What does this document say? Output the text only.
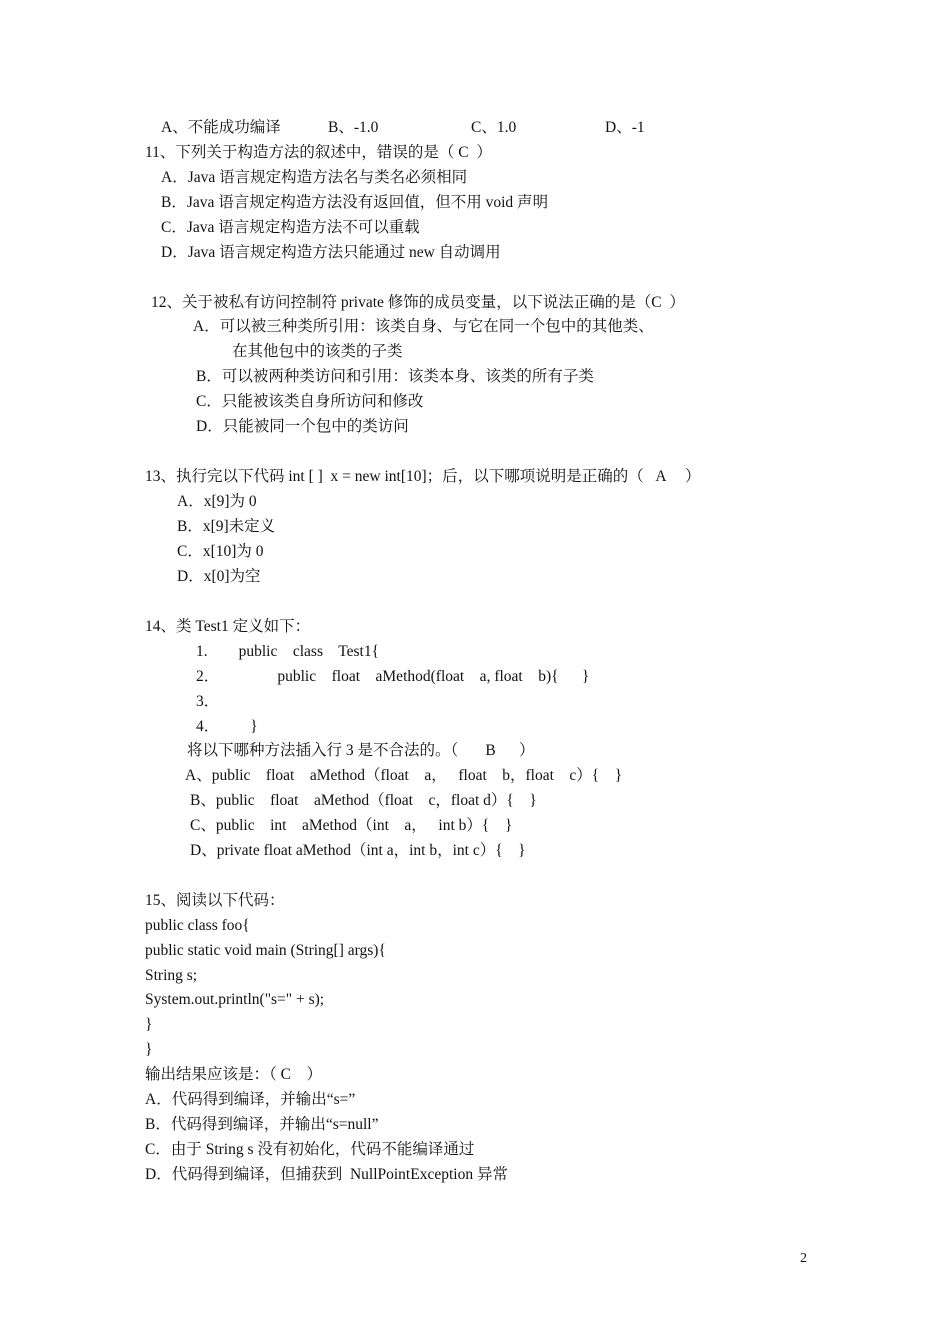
A、不能成功编译	B、-1.0	C、1.0	D、-1
11、下列关于构造方法的叙述中，错误的是（ C  ）
A．Java 语言规定构造方法名与类名必须相同
B．Java 语言规定构造方法没有返回值，但不用 void 声明
C．Java 语言规定构造方法不可以重载
D．Java 语言规定构造方法只能通过 new 自动调用
12、关于被私有访问控制符 private 修饰的成员变量，以下说法正确的是（C  ）
A．可以被三种类所引用：该类自身、与它在同一个包中的其他类、
在其他包中的该类的子类
B．可以被两种类访问和引用：该类本身、该类的所有子类
C．只能被该类自身所访问和修改
D．只能被同一个包中的类访问
13、执行完以下代码 int [ ]  x = new int[10]；后，以下哪项说明是正确的（   A     ）
A．x[9]为 0
B．x[9]未定义
C．x[10]为 0
D．x[0]为空
14、类 Test1 定义如下：
1.        public    class    Test1{
2．               public    float    aMethod(float    a, float    b){      }
3．
4．        }
将以下哪种方法插入行 3 是不合法的。（       B      ）
A、public    float    aMethod（float    a，   float    b，float    c）{    }
B、public    float    aMethod（float    c，float d）{    }
C、public    int    aMethod（int    a，   int b）{    }
D、private float aMethod（int a，int b，int c）{    }
15、阅读以下代码：
public class foo{
public static void main (String[] args){
String s;
System.out.println("s=" + s);
}
}
输出结果应该是：（ C    ）
A．代码得到编译，并输出“s=”
B．代码得到编译，并输出“s=null”
C．由于 String s 没有初始化，代码不能编译通过
D．代码得到编译，但捕获到  NullPointException 异常
2
